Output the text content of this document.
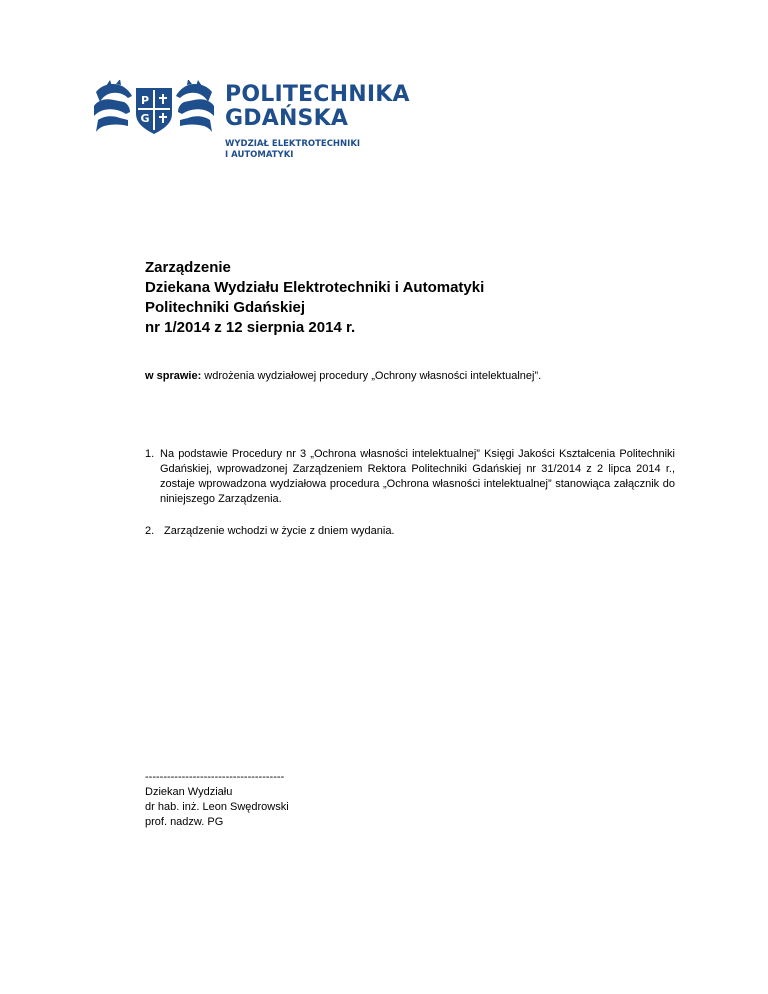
P
G
POLITECHNIKA
GDAŃSKA
WYDZIAŁ ELEKTROTECHNIKI
I AUTOMATYKI
Zarządzenie
Dziekana Wydziału Elektrotechniki i Automatyki
Politechniki Gdańskiej
nr 1/2014 z 12 sierpnia 2014 r.
w sprawie: wdrożenia wydziałowej procedury „Ochrony własności intelektualnej”.
1. Na podstawie Procedury nr 3 „Ochrona własności intelektualnej” Księgi Jakości Kształcenia Politechniki Gdańskiej, wprowadzonej Zarządzeniem Rektora Politechniki Gdańskiej nr 31/2014 z 2 lipca 2014 r., zostaje wprowadzona wydziałowa procedura „Ochrona własności intelektualnej” stanowiąca załącznik do niniejszego Zarządzenia.
2. Zarządzenie wchodzi w życie z dniem wydania.
--------------------------------------
Dziekan Wydziału
dr hab. inż. Leon Swędrowski
prof. nadzw. PG
